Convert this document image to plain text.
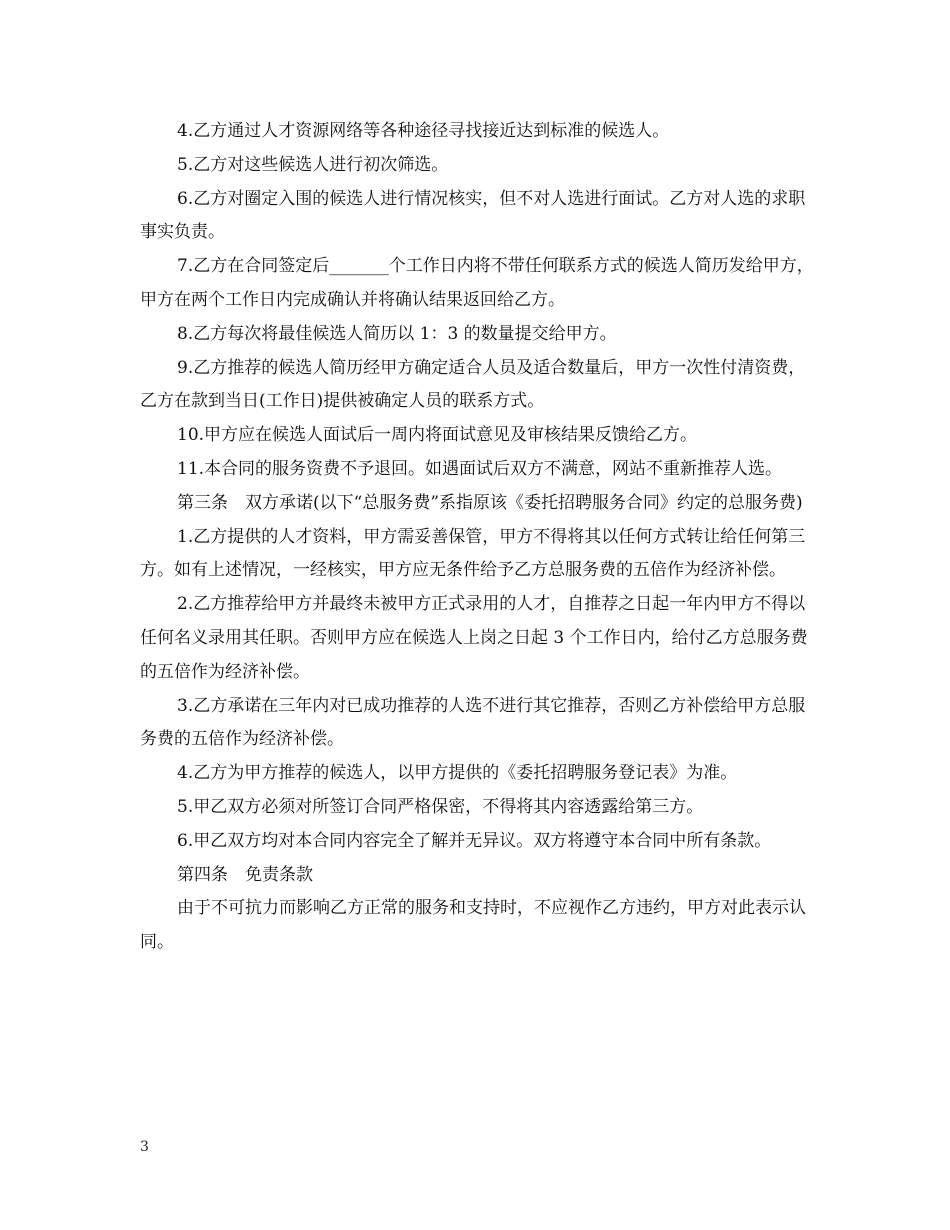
4.乙方通过人才资源网络等各种途径寻找接近达到标准的候选人。

5.乙方对这些候选人进行初次筛选。

6.乙方对圈定入围的候选人进行情况核实，但不对人选进行面试。乙方对人选的求职事实负责。

7.乙方在合同签定后_______个工作日内将不带任何联系方式的候选人简历发给甲方，甲方在两个工作日内完成确认并将确认结果返回给乙方。

8.乙方每次将最佳候选人简历以 1：3 的数量提交给甲方。

9.乙方推荐的候选人简历经甲方确定适合人员及适合数量后，甲方一次性付清资费，乙方在款到当日(工作日)提供被确定人员的联系方式。

10.甲方应在候选人面试后一周内将面试意见及审核结果反馈给乙方。

11.本合同的服务资费不予退回。如遇面试后双方不满意，网站不重新推荐人选。

第三条　双方承诺(以下“总服务费”系指原该《委托招聘服务合同》约定的总服务费)

1.乙方提供的人才资料，甲方需妥善保管，甲方不得将其以任何方式转让给任何第三方。如有上述情况，一经核实，甲方应无条件给予乙方总服务费的五倍作为经济补偿。

2.乙方推荐给甲方并最终未被甲方正式录用的人才，自推荐之日起一年内甲方不得以任何名义录用其任职。否则甲方应在候选人上岗之日起 3 个工作日内，给付乙方总服务费的五倍作为经济补偿。

3.乙方承诺在三年内对已成功推荐的人选不进行其它推荐，否则乙方补偿给甲方总服务费的五倍作为经济补偿。

4.乙方为甲方推荐的候选人，以甲方提供的《委托招聘服务登记表》为准。

5.甲乙双方必须对所签订合同严格保密，不得将其内容透露给第三方。

6.甲乙双方均对本合同内容完全了解并无异议。双方将遵守本合同中所有条款。

第四条　免责条款

由于不可抗力而影响乙方正常的服务和支持时，不应视作乙方违约，甲方对此表示认同。

3
